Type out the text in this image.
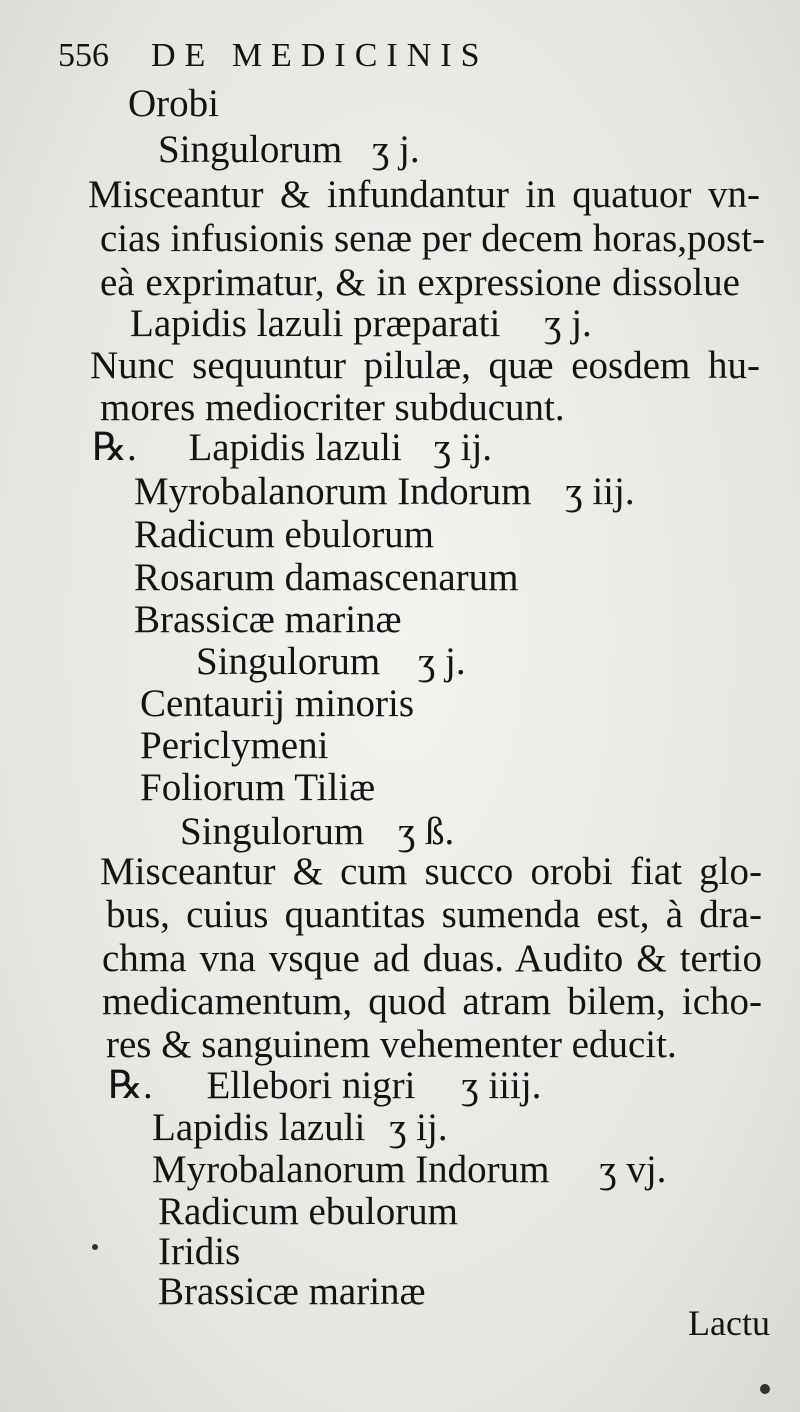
556 DE MEDICINIS
Orobi
Singulorum ʒ j.
Misceantur & infundantur in quatuor vn-
cias infusionis senæ per decem horas,post-
eà exprimatur, & in expressione dissolue
Lapidis lazuli præparati ʒ j.
Nunc sequuntur pilulæ, quæ eosdem hu-
mores mediocriter subducunt.
℞. Lapidis lazuli ʒ ij.
Myrobalanorum Indorum ʒ iij.
Radicum ebulorum
Rosarum damascenarum
Brassicæ marinæ
Singulorum ʒ j.
Centaurij minoris
Periclymeni
Foliorum Tiliæ
Singulorum ʒ ß.
Misceantur & cum succo orobi fiat glo-
bus, cuius quantitas sumenda est, à dra-
chma vna vsque ad duas. Audito & tertio
medicamentum, quod atram bilem, icho-
res & sanguinem vehementer educit.
℞. Ellebori nigri ʒ iiij.
Lapidis lazuli ʒ ij.
Myrobalanorum Indorum ʒ vj.
Radicum ebulorum
Iridis
Brassicæ marinæ
Lactu
